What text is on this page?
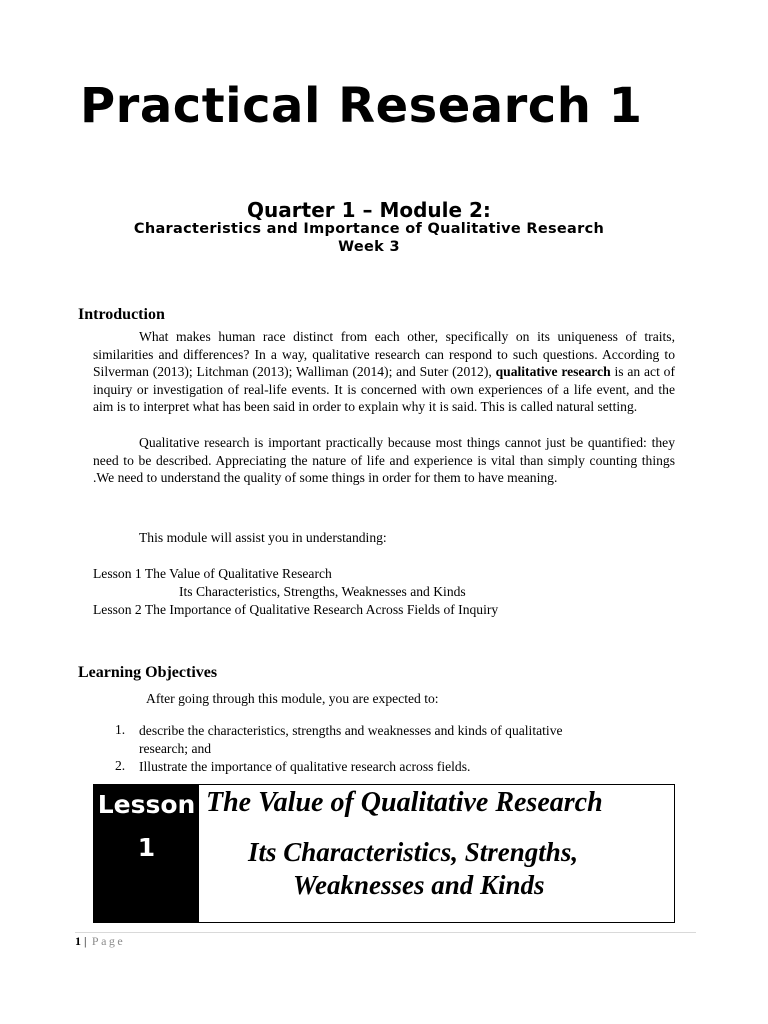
Practical Research 1
Quarter 1 – Module 2:
Characteristics and Importance of Qualitative Research
Week 3
Introduction
What makes human race distinct from each other, specifically on its uniqueness of traits, similarities and differences? In a way, qualitative research can respond to such questions. According to Silverman (2013); Litchman (2013); Walliman (2014); and Suter (2012), qualitative research is an act of inquiry or investigation of real-life events. It is concerned with own experiences of a life event, and the aim is to interpret what has been said in order to explain why it is said. This is called natural setting.
Qualitative research is important practically because most things cannot just be quantified: they need to be described. Appreciating the nature of life and experience is vital than simply counting things .We need to understand the quality of some things in order for them to have meaning.
This module will assist you in understanding:
Lesson 1 The Value of Qualitative Research
Its Characteristics, Strengths, Weaknesses and Kinds
Lesson 2 The Importance of Qualitative Research Across Fields of Inquiry
Learning Objectives
After going through this module, you are expected to:
1. describe the characteristics, strengths and weaknesses and kinds of qualitative research; and
2. Illustrate the importance of qualitative research across fields.
Lesson
1
The Value of Qualitative Research
Its Characteristics, Strengths,
Weaknesses and Kinds
1 | Page
